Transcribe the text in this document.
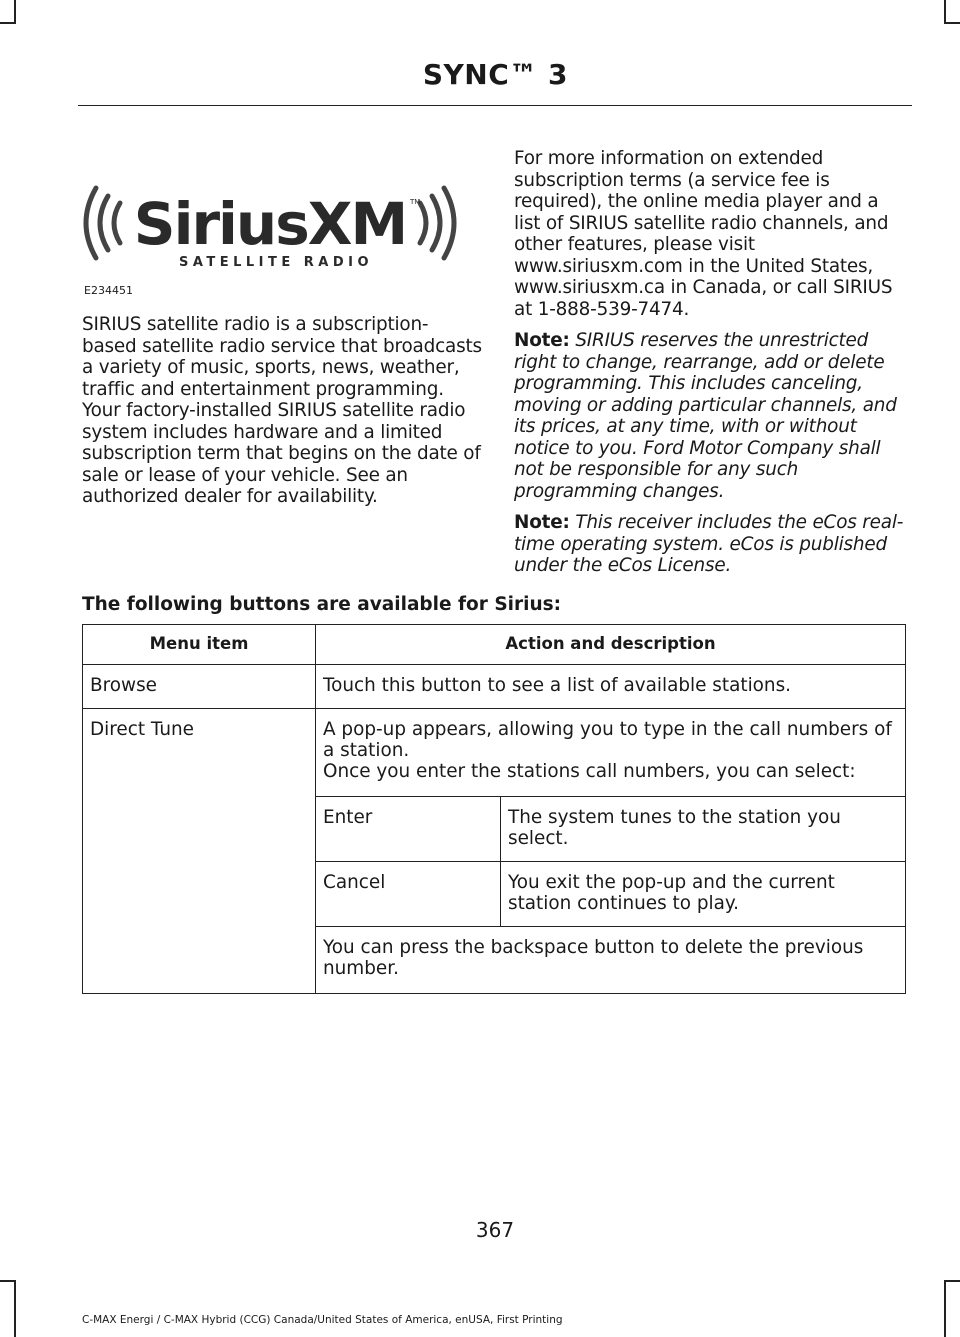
SYNC™ 3
SiriusXM TM
SATELLITE RADIO
E234451

SIRIUS satellite radio is a subscription-based satellite radio service that broadcasts a variety of music, sports, news, weather, traffic and entertainment programming. Your factory-installed SIRIUS satellite radio system includes hardware and a limited subscription term that begins on the date of sale or lease of your vehicle. See an authorized dealer for availability.

For more information on extended subscription terms (a service fee is required), the online media player and a list of SIRIUS satellite radio channels, and other features, please visit www.siriusxm.com in the United States, www.siriusxm.ca in Canada, or call SIRIUS at 1-888-539-7474.

Note: SIRIUS reserves the unrestricted right to change, rearrange, add or delete programming. This includes canceling, moving or adding particular channels, and its prices, at any time, with or without notice to you. Ford Motor Company shall not be responsible for any such programming changes.
Note: This receiver includes the eCos real-time operating system. eCos is published under the eCos License.
The following buttons are available for Sirius:
Menu item	Action and description
Browse	Touch this button to see a list of available stations.
Direct Tune	A pop-up appears, allowing you to type in the call numbers of a station.
Once you enter the stations call numbers, you can select:
Enter	The system tunes to the station you select.
Cancel	You exit the pop-up and the current station continues to play.
You can press the backspace button to delete the previous number.
367
C-MAX Energi / C-MAX Hybrid (CCG) Canada/United States of America, enUSA, First Printing
